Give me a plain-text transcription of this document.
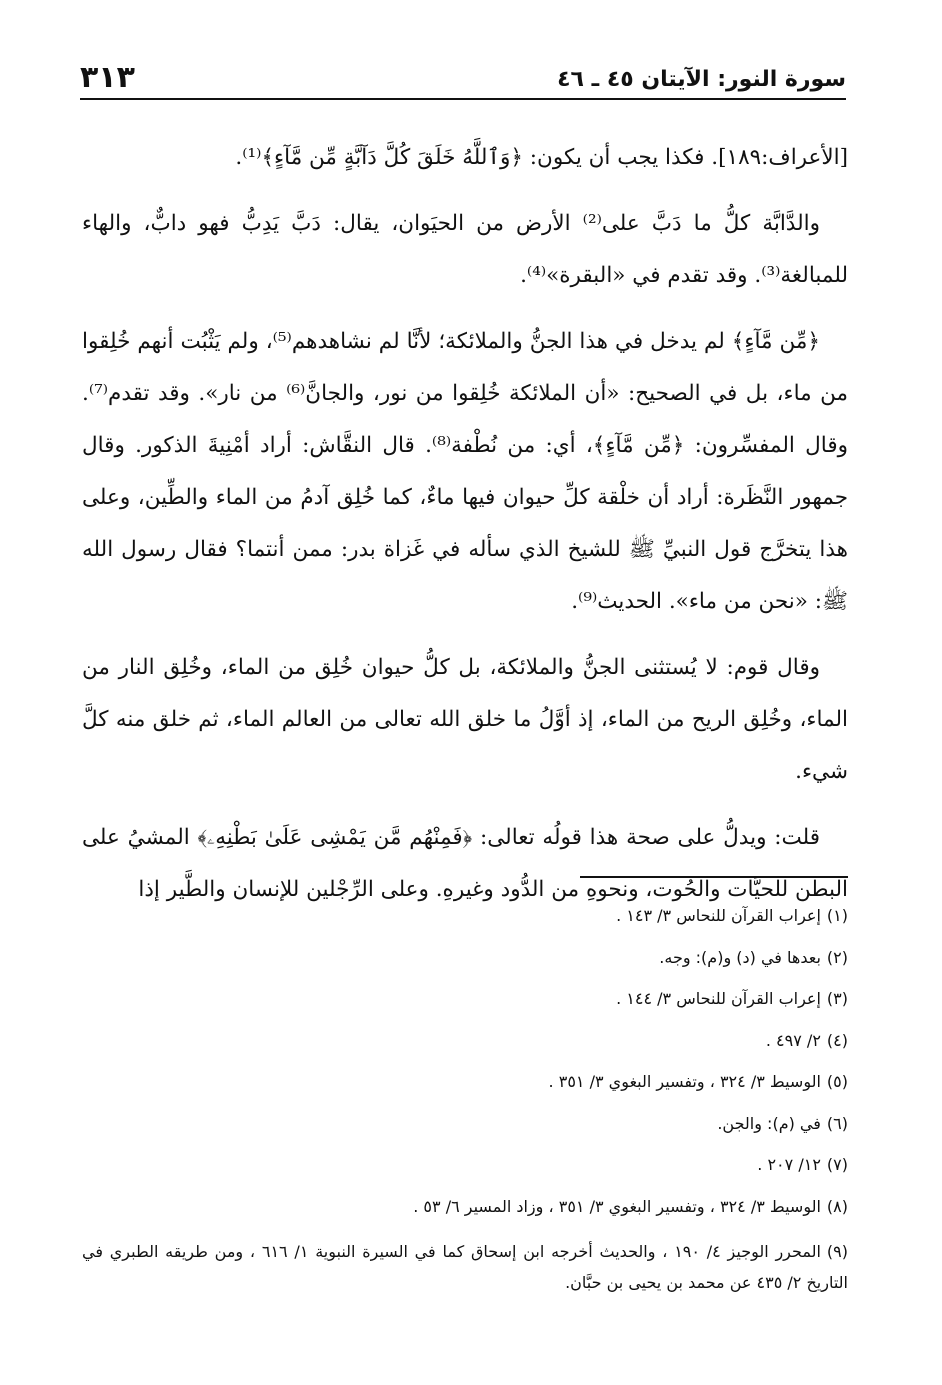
سورة النور: الآيتان ٤٥ ـ ٤٦
٣١٣

[الأعراف:١٨٩]. فكذا يجب أن يكون: ﴿وَٱللَّهُ خَلَقَ كُلَّ دَآبَّةٍ مِّن مَّآءٍ﴾⁽¹⁾.

والدَّابَّة كلُّ ما دَبَّ على⁽²⁾ الأرض من الحيَوان، يقال: دَبَّ يَدِبُّ فهو دابٌّ، والهاء للمبالغة⁽³⁾. وقد تقدم في «البقرة»⁽⁴⁾.

﴿مِّن مَّآءٍ﴾ لم يدخل في هذا الجنُّ والملائكة؛ لأنَّا لم نشاهدهم⁽⁵⁾، ولم يَثْبُت أنهم خُلِقوا من ماء، بل في الصحيح: «أن الملائكة خُلِقوا من نور، والجانَّ⁽⁶⁾ من نار». وقد تقدم⁽⁷⁾. وقال المفسِّرون: ﴿مِّن مَّآءٍ﴾، أي: من نُطْفة⁽⁸⁾. قال النقَّاش: أراد أمْنِيةَ الذكور. وقال جمهور النَّظَرة: أراد أن خلْقة كلِّ حيوان فيها ماءٌ، كما خُلِق آدمُ من الماء والطِّين، وعلى هذا يتخرَّج قول النبيِّ ﷺ للشيخ الذي سأله في غَزاة بدر: ممن أنتما؟ فقال رسول الله ﷺ: «نحن من ماء». الحديث⁽⁹⁾.

وقال قوم: لا يُستثنى الجنُّ والملائكة، بل كلُّ حيوان خُلِق من الماء، وخُلِق النار من الماء، وخُلِق الريح من الماء، إذ أوَّلُ ما خلق الله تعالى من العالم الماء، ثم خلق منه كلَّ شيء.

قلت: ويدلُّ على صحة هذا قولُه تعالى: ﴿فَمِنْهُم مَّن يَمْشِى عَلَىٰ بَطْنِهِۦ﴾ المشيُ على البطن للحيَّات والحُوت، ونحوهِ من الدُّود وغيرهِ. وعلى الرِّجْلين للإنسان والطَّير إذا

(١)إعراب القرآن للنحاس ٣/ ١٤٣ .
(٢)بعدها في (د) و(م): وجه.
(٣)إعراب القرآن للنحاس ٣/ ١٤٤ .
(٤)٢/ ٤٩٧ .
(٥)الوسيط ٣/ ٣٢٤ ، وتفسير البغوي ٣/ ٣٥١ .
(٦)في (م): والجن.
(٧)١٢/ ٢٠٧ .
(٨)الوسيط ٣/ ٣٢٤ ، وتفسير البغوي ٣/ ٣٥١ ، وزاد المسير ٦/ ٥٣ .
(٩)المحرر الوجيز ٤/ ١٩٠ ، والحديث أخرجه ابن إسحاق كما في السيرة النبوية ١/ ٦١٦ ، ومن طريقه الطبري في التاريخ ٢/ ٤٣٥ عن محمد بن يحيى بن حبَّان.
